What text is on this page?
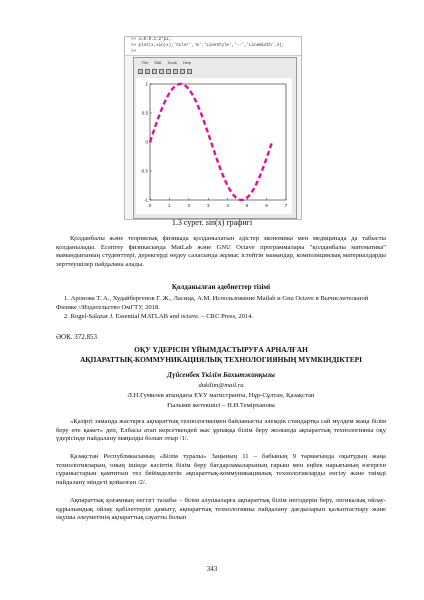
>> x=0:0.1:2*pi;
>> plot(x,sin(x),'Color','m','LineStyle','--','LineWidth',4);
>>
File Edit Tools Help
0	1	2	3	4	5	6	7
1
0.5
0
-0.5
-1
1.3 сурет. sin(x) графигі
Қолданбалы және теориялық физикада қолданылатын әдістер экономика мен медицинада да табысты қолданылады. Есептеу физикасында MatLab және GNU Octave программалары "қолданбалы математика" мамандығының студенттері, дерекгерді өңдеу саласында жұмыс істейтін мамандар, композициялық материалдарды зерттеушілер пайдалана алады.
Қолданылған әдебиеттер тізімі
1. Аронова Т. А., Худайбергенов Г. Ж., Ласица, А.М. Использование Matlab и Gnu Octave в Вычислительной Физике //Издательство ОмГТУ, 2018.
2. Rogel-Salazar J. Essential MATLAB and octave. – CRC Press, 2014.
ӘОК. 372.853
ОҚУ ҮДЕРІСІН ҮЙЫМДАСТЫРУҒА АРНАЛҒАН
АҚПАРАТТЫҚ-КОММУНИКАЦИЯЛЫҚ ТЕХНОЛОГИЯНЫҢ МҮМКІНДІКТЕРІ
Дүйсенбек Үкілім Бахытжанқызы
dukilim@mail.ru
Л.Н.Гумилев атындағы ЕҰУ магистранты, Нұр-Сұлтан, Қазақстан
Ғылыми жетекшісі – Н.И.Темірханова
«Қазіргі заманда жастарға ақпараттық технологиялмен байланысты әлемдік стандартқа сай мүлдем жаңа білім беру өте қажет» деп, Елбасы атап көрсеткендей жас ұрпаққа білім беру жолында ақпараттық технологияны оқу үдерісінде пайдалану маңызды болып отыр /1/.
Қазақстан Республикасының «Білім туралы» Заңының 11 – бабының 9 тармағында оқытудың жаңа технологияларын, оның ішінде кәсіптік білім беру бағдарламаларының ғарыш мен еңбек нарығының өзгерген сұраныстарын қамтитын тез бейімделетін ақпараттық-коммуникациялық технологияларды енгізу және тиімді пайдалану міндеті қойылған /2/.
Ақпараттық қоғамның негізгі талабы – білім алушыларға ақпараттық білім негіздерін беру, логикалық ойлау-құрылымдық ойлау қабілеттерін дамыту, ақпараттық технологияны пайдалану дағдыларын қалыптастыру және оқушы әлеуметінің ақпараттық сауатты болып
343
